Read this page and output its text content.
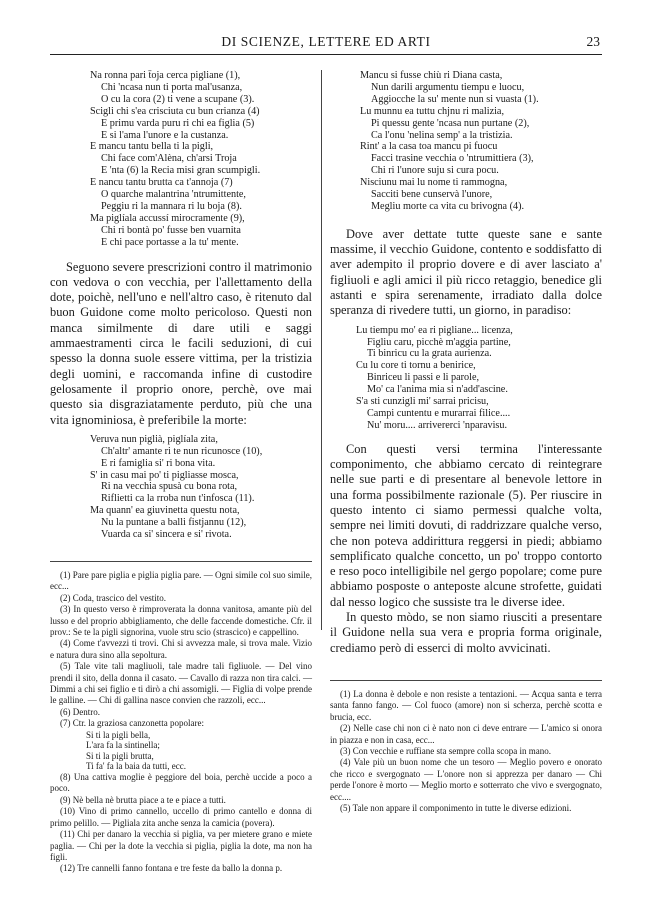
DI SCIENZE, LETTERE ED ARTI	23
Na ronna pari t̄oja cerca pigliane (1),
Chi 'ncasa nun ti porta mal'usanza,
O cu la cora (2) ti vene a scupane (3).
Scigli chi s'ea crisciuta cu bun crianza (4)
E primu varda puru ri chi ea figlia (5)
E si l'ama l'unore e la custanza.
E mancu tantu bella ti la pigli,
Chi face com'Alèna, ch'arsi Troja
E 'nta (6) la Recia misi gran scumpigli.
E nancu tantu brutta ca t'annoja (7)
O quarche malantrina 'ntrumittente,
Peggiu ri la mannara ri lu boja (8).
Ma piglíala accussí mirocramente (9),
Chi ri bontà po' fusse ben vuarnita
E chi pace portasse a la tu' mente.

Seguono severe prescrizioni contro il matrimonio con vedova o con vecchia, per l'allettamento della dote, poichè, nell'uno e nell'altro caso, è ritenuto dal buon Guidone come molto pericoloso. Questi non manca similmente di dare utili e saggi ammaestramenti circa le facili seduzioni, di cui spesso la donna suole essere vittima, per la tristizia degli uomini, e raccomanda infine di custodire gelosamente il proprio onore, perchè, ove mai questo sia disgraziatamente perduto, più che una vita ignominiosa, è preferibile la morte:

Veruva nun piglià, piglíala zita,
Ch'altr' amante ri te nun ricunosce (10),
E ri famiglia si' ri bona vita.
S' in casu mai po' ti pigliasse mosca,
Ri na vecchia spusà cu bona rota,
Riflietti ca la rroba nun t'infosca (11).
Ma quann' ea giuvinetta questu nota,
Nu la puntane a balli fistjannu (12),
Vuarda ca si' sincera e si' rivota.
(1) Pare pare piglia e piglia piglia pare. — Ogni simile col suo simile, ecc...
(2) Coda, trascico del vestito.
(3) In questo verso è rimproverata la donna vanitosa, amante più del lusso e del proprio abbigliamento, che delle faccende domestiche. Cfr. il prov.: Se te la pigli signorina, vuole stru scio (strascico) e cappellino.
(4) Come t'avvezzi ti trovi. Chi si avvezza male, si trova male. Vizio e natura dura sino alla sepoltura.
(5) Tale vite tali magliuoli, tale madre tali figliuole. — Del vino prendi il sito, della donna il casato. — Cavallo di razza non tira calci. — Dimmi a chi sei figlio e ti dirò a chi assomigli. — Figlia di volpe prende le galline. — Chi di gallina nasce convien che razzoli, ecc...
(6) Dentro.
(7) Ctr. la graziosa canzonetta popolare:
Si ti la pigli bella,
L'ara fa la sintinella;
Si ti la pigli brutta,
Ti fa' fa la baia da tutti, ecc.
(8) Una cattiva moglie è peggiore del boia, perchè uccide a poco a poco.
(9) Nè bella nè brutta piace a te e piace a tutti.
(10) Vino di primo cannello, uccello di primo cantello e donna di primo pelillo. — Pigliala zita anche senza la camicia (povera).
(11) Chi per danaro la vecchia si piglia, va per mietere grano e miete paglia. — Chi per la dote la vecchia si piglia, piglia la dote, ma non ha figli.
(12) Tre cannelli fanno fontana e tre feste da ballo la donna p.
Mancu si fusse chiù ri Diana casta,
Nun darili argumentu tiempu e luocu,
Aggiocche la su' mente nun si vuasta (1).
Lu munnu ea tuttu chjnu ri malizia,
Pi quessu gente 'ncasa nun purtane (2),
Ca l'onu 'nelina semp' a la tristizia.
Rint' a la casa toa mancu pi fuocu
Facci trasine vecchia o 'ntrumittiera (3),
Chi ri l'unore suju si cura pocu.
Nisciunu mai lu nome ti rammogna,
Sacciti bene cunservà l'unore,
Megliu morte ca vita cu brivogna (4).

Dove aver dettate tutte queste sane e sante massime, il vecchio Guidone, contento e soddisfatto di aver adempito il proprio dovere e di aver lasciato a' figliuoli e agli amici il più ricco retaggio, benedice gli astanti e spira serenamente, irradiato dalla dolce speranza di rivedere tutti, un giorno, in paradiso:

Lu tiempu mo' ea ri pigliane... licenza,
Figliu caru, picchè m'aggia partine,
Ti binricu cu la grata aurienza.
Cu lu core ti tornu a benirice,
Binriceu li passi e li parole,
Mo' ca l'anima mia si n'add'ascine.
S'a sti cunzigli mi' sarrai pricisu,
Campi cuntentu e murarrai filice....
Nu' moru.... arrivererci 'nparavisu.

Con questi versi termina l'interessante componimento, che abbiamo cercato di reintegrare nelle sue parti e di presentare al benevole lettore in una forma possibilmente razionale (5). Per riuscire in questo intento ci siamo permessi qualche volta, sempre nei limiti dovuti, di raddrizzare qualche verso, che non poteva addirittura reggersi in piedi; abbiamo semplificato qualche concetto, un po' troppo contorto e reso poco intelligibile nel gergo popolare; come pure abbiamo posposte o anteposte alcune strofette, guidati dal nesso logico che sussiste tra le diverse idee.

In questo mòdo, se non siamo riusciti a presentare il Guidone nella sua vera e propria forma originale, crediamo però di esserci di molto avvicinati.

(1) La donna è debole e non resiste a tentazioni. — Acqua santa e terra santa fanno fango. — Col fuoco (amore) non si scherza, perchè scotta e brucia, ecc.
(2) Nelle case chi non ci è nato non ci deve entrare — L'amico si onora in piazza e non in casa, ecc...
(3) Con vecchie e ruffiane sta sempre colla scopa in mano.
(4) Vale più un buon nome che un tesoro — Meglio povero e onorato che ricco e svergognato — L'onore non si apprezza per danaro — Chi perde l'onore è morto — Meglio morto e sotterrato che vivo e svergognato, ecc....
(5) Tale non appare il componimento in tutte le diverse edizioni.
